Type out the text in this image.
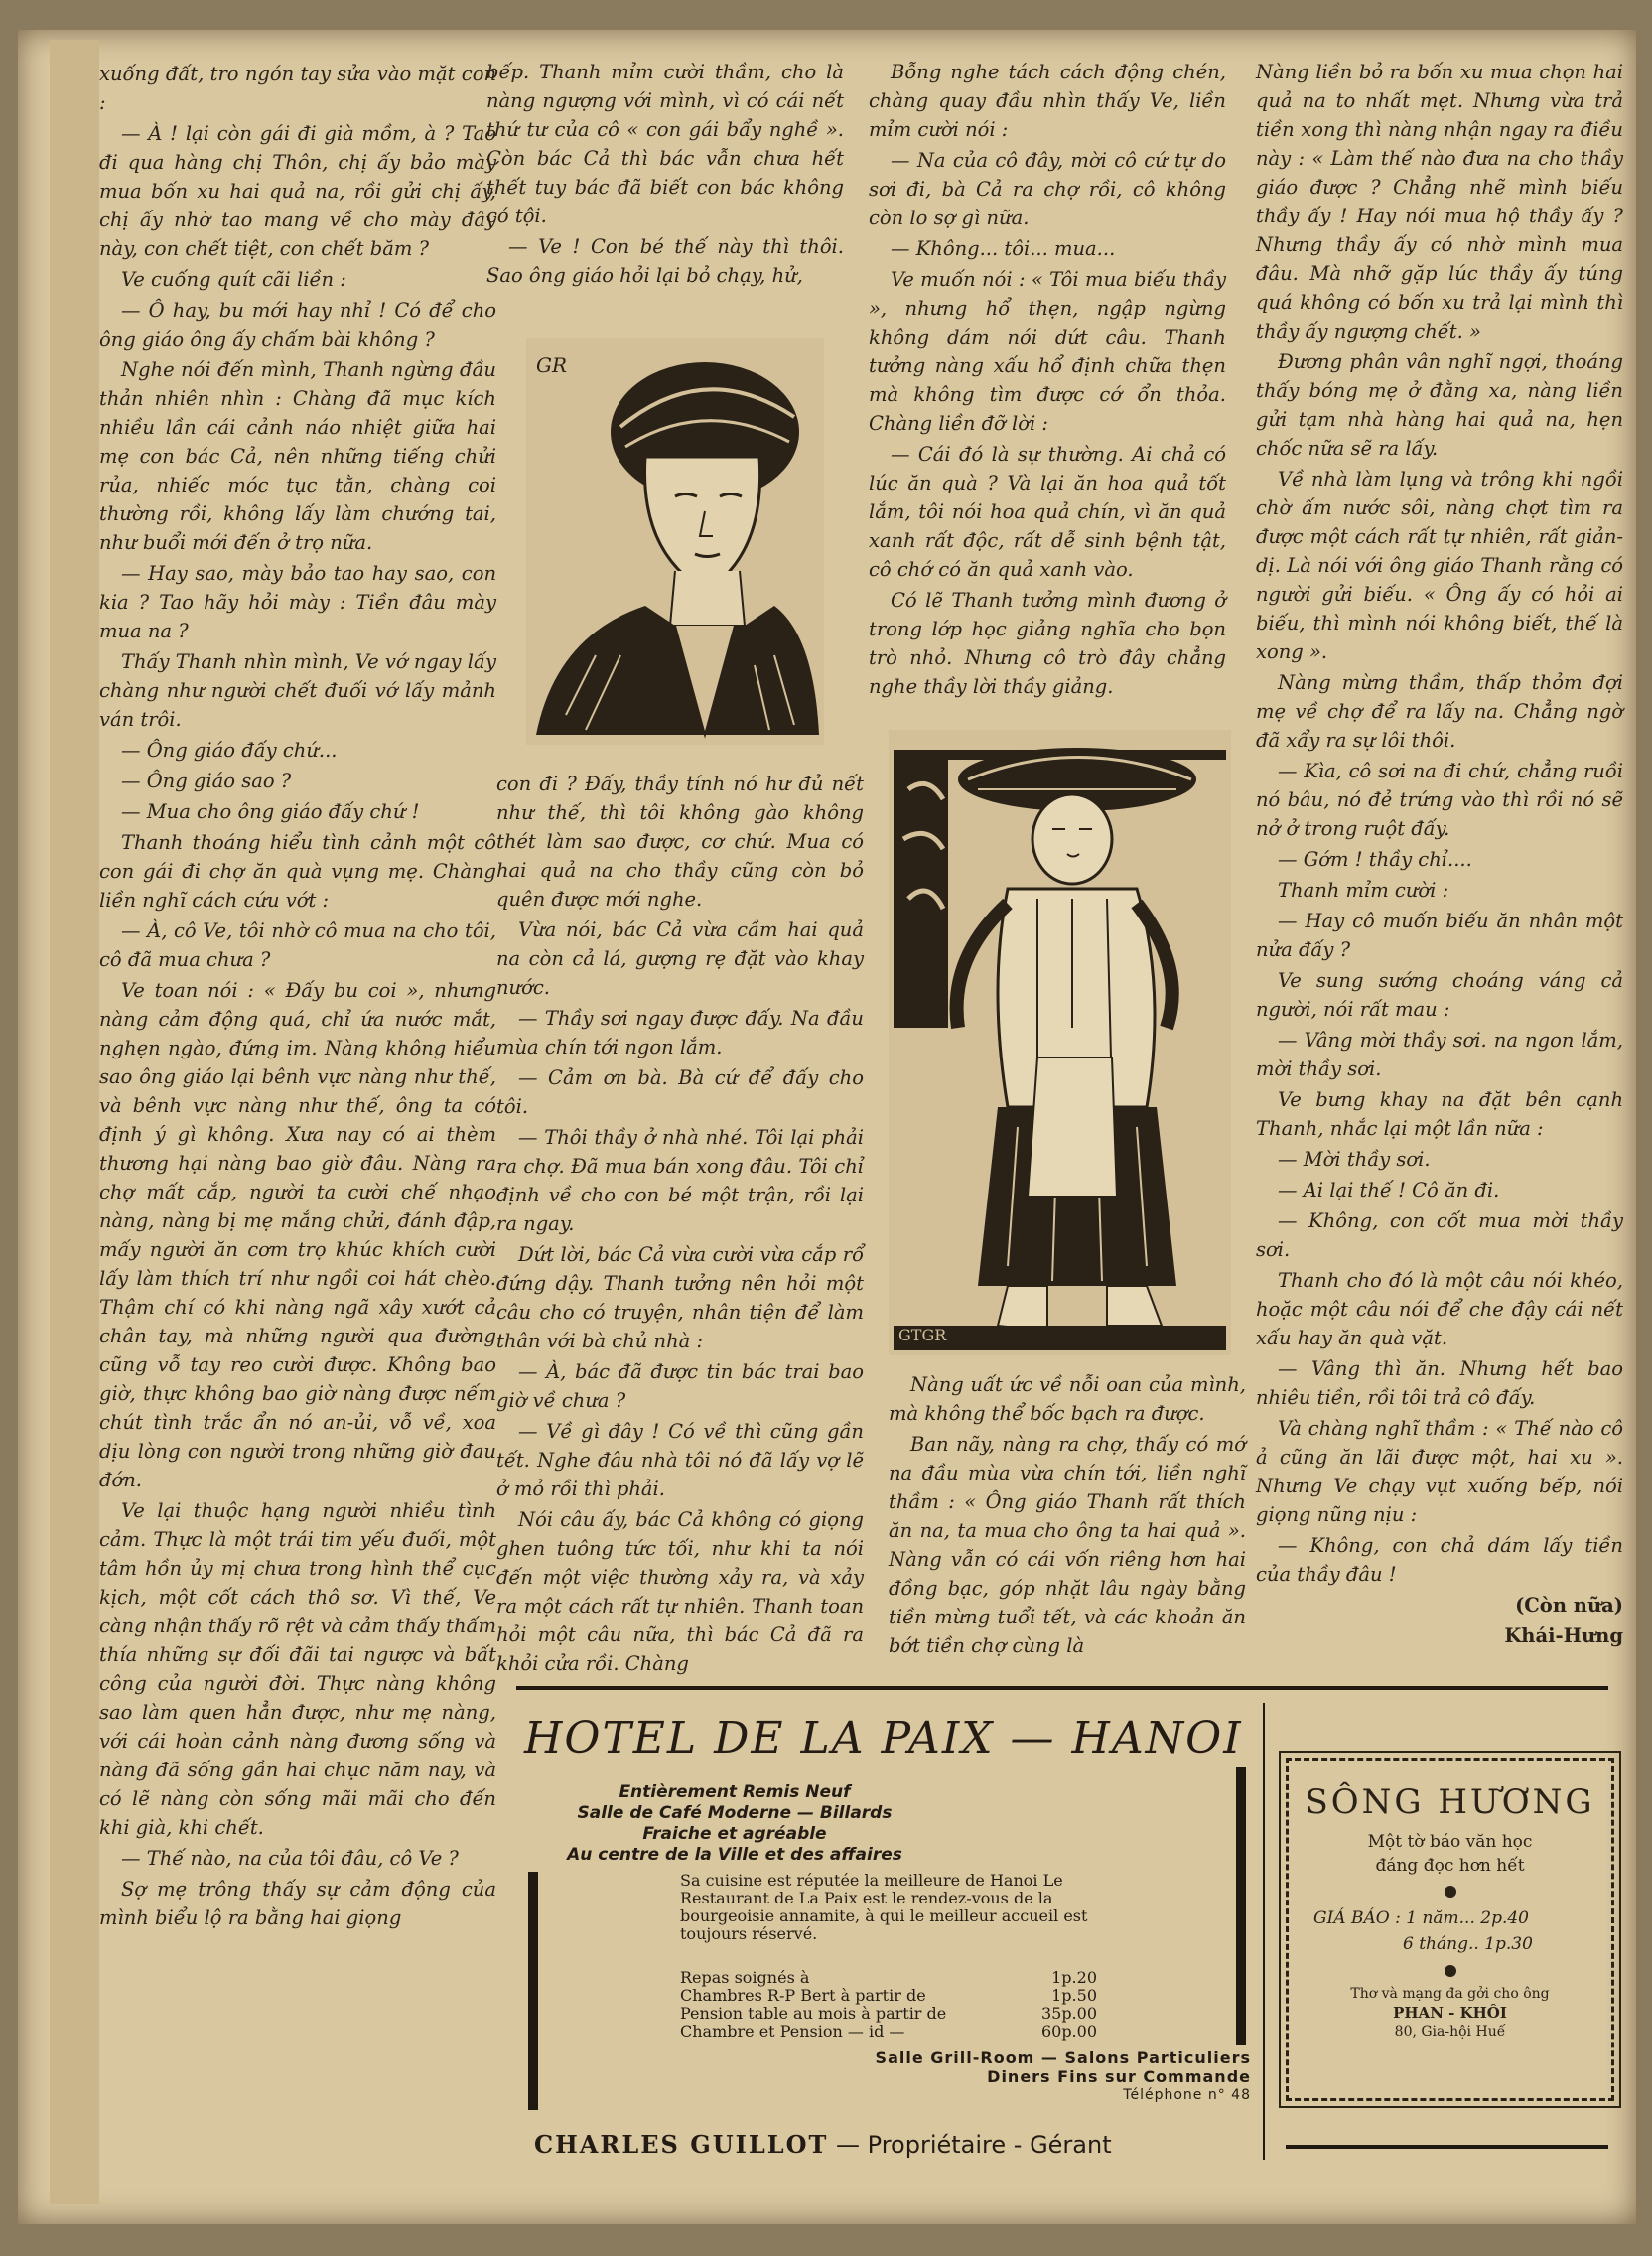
xuống đất, tro ngón tay sửa vào mặt con :

— À ! lại còn gái đi già mồm, à ? Tao đi qua hàng chị Thôn, chị ấy bảo mày mua bốn xu hai quả na, rồi gửi chị ấy, chị ấy nhờ tao mang về cho mày đây này, con chết tiệt, con chết băm ?

Ve cuống quít cãi liền :

— Ô hay, bu mới hay nhỉ ! Có để cho ông giáo ông ấy chấm bài không ?

Nghe nói đến mình, Thanh ngừng đầu thản nhiên nhìn : Chàng đã mục kích nhiều lần cái cảnh náo nhiệt giữa hai mẹ con bác Cả, nên những tiếng chửi rủa, nhiếc móc tục tằn, chàng coi thường rồi, không lấy làm chướng tai, như buổi mới đến ở trọ nữa.

— Hay sao, mày bảo tao hay sao, con kia ? Tao hãy hỏi mày : Tiền đâu mày mua na ?

Thấy Thanh nhìn mình, Ve vớ ngay lấy chàng như người chết đuối vớ lấy mảnh ván trôi.

— Ông giáo đấy chứ...

— Ông giáo sao ?

— Mua cho ông giáo đấy chứ !

Thanh thoáng hiểu tình cảnh một cô con gái đi chợ ăn quà vụng mẹ. Chàng liền nghĩ cách cứu vớt :

— À, cô Ve, tôi nhờ cô mua na cho tôi, cô đã mua chưa ?

Ve toan nói : « Đấy bu coi », nhưng nàng cảm động quá, chỉ ứa nước mắt, nghẹn ngào, đứng im. Nàng không hiểu sao ông giáo lại bênh vực nàng như thế, và bênh vực nàng như thế, ông ta có định ý gì không. Xưa nay có ai thèm thương hại nàng bao giờ đâu. Nàng ra chợ mất cắp, người ta cười chế nhạo nàng, nàng bị mẹ mắng chửi, đánh đập, mấy người ăn cơm trọ khúc khích cười lấy làm thích trí như ngồi coi hát chèo. Thậm chí có khi nàng ngã xây xướt cả chân tay, mà những người qua đường cũng vỗ tay reo cười được. Không bao giờ, thực không bao giờ nàng được nếm chút tình trắc ẩn nó an-ủi, vỗ về, xoa dịu lòng con người trong những giờ đau đớn.

Ve lại thuộc hạng người nhiều tình cảm. Thực là một trái tim yếu đuối, một tâm hồn ủy mị chưa trong hình thể cục kịch, một cốt cách thô sơ. Vì thế, Ve càng nhận thấy rõ rệt và cảm thấy thấm thía những sự đối đãi tai ngược và bất công của người đời. Thực nàng không sao làm quen hẳn được, như mẹ nàng, với cái hoàn cảnh nàng đương sống và nàng đã sống gần hai chục năm nay, và có lẽ nàng còn sống mãi mãi cho đến khi già, khi chết.

— Thế nào, na của tôi đâu, cô Ve ?

Sợ mẹ trông thấy sự cảm động của mình biểu lộ ra bằng hai giọng

bếp. Thanh mỉm cười thầm, cho là nàng ngượng với mình, vì có cái nết thứ tư của cô « con gái bẩy nghề ». Còn bác Cả thì bác vẫn chưa hết thết tuy bác đã biết con bác không có tội.

— Ve ! Con bé thế này thì thôi. Sao ông giáo hỏi lại bỏ chạy, hử,

GR

con đi ? Đấy, thầy tính nó hư đủ nết như thế, thì tôi không gào không thét làm sao được, cơ chứ. Mua có hai quả na cho thầy cũng còn bỏ quên được mới nghe.

Vừa nói, bác Cả vừa cầm hai quả na còn cả lá, gượng rẹ đặt vào khay nước.

— Thầy sơi ngay được đấy. Na đầu mùa chín tới ngon lắm.

— Cảm ơn bà. Bà cứ để đấy cho tôi.

— Thôi thầy ở nhà nhé. Tôi lại phải ra chợ. Đã mua bán xong đâu. Tôi chỉ định về cho con bé một trận, rồi lại ra ngay.

Dứt lời, bác Cả vừa cười vừa cắp rổ đứng dậy. Thanh tưởng nên hỏi một câu cho có truyện, nhân tiện để làm thân với bà chủ nhà :

— À, bác đã được tin bác trai bao giờ về chưa ?

— Về gì đây ! Có về thì cũng gần tết. Nghe đâu nhà tôi nó đã lấy vợ lẽ ở mỏ rồi thì phải.

Nói câu ấy, bác Cả không có giọng ghen tuông tức tối, như khi ta nói đến một việc thường xảy ra, và xảy ra một cách rất tự nhiên. Thanh toan hỏi một câu nữa, thì bác Cả đã ra khỏi cửa rồi. Chàng

Bỗng nghe tách cách động chén, chàng quay đầu nhìn thấy Ve, liền mỉm cười nói :

— Na của cô đây, mời cô cứ tự do sơi đi, bà Cả ra chợ rồi, cô không còn lo sợ gì nữa.

— Không... tôi... mua...

Ve muốn nói : « Tôi mua biếu thầy », nhưng hổ thẹn, ngập ngừng không dám nói dứt câu. Thanh tưởng nàng xấu hổ định chữa thẹn mà không tìm được cớ ổn thỏa. Chàng liền đỡ lời :

— Cái đó là sự thường. Ai chả có lúc ăn quà ? Và lại ăn hoa quả tốt lắm, tôi nói hoa quả chín, vì ăn quả xanh rất độc, rất dễ sinh bệnh tật, cô chớ có ăn quả xanh vào.

Có lẽ Thanh tưởng mình đương ở trong lớp học giảng nghĩa cho bọn trò nhỏ. Nhưng cô trò đây chẳng nghe thầy lời thầy giảng.

GTGR

Nàng uất ức về nỗi oan của mình, mà không thể bốc bạch ra được.

Ban nãy, nàng ra chợ, thấy có mớ na đầu mùa vừa chín tới, liền nghĩ thầm : « Ông giáo Thanh rất thích ăn na, ta mua cho ông ta hai quả ». Nàng vẫn có cái vốn riêng hơn hai đồng bạc, góp nhặt lâu ngày bằng tiền mừng tuổi tết, và các khoản ăn bớt tiền chợ cùng là

Nàng liền bỏ ra bốn xu mua chọn hai quả na to nhất mẹt. Nhưng vừa trả tiền xong thì nàng nhận ngay ra điều này : « Làm thế nào đưa na cho thầy giáo được ? Chẳng nhẽ mình biếu thầy ấy ! Hay nói mua hộ thầy ấy ? Nhưng thầy ấy có nhờ mình mua đâu. Mà nhỡ gặp lúc thầy ấy túng quá không có bốn xu trả lại mình thì thầy ấy ngượng chết. »

Đương phân vân nghĩ ngợi, thoáng thấy bóng mẹ ở đằng xa, nàng liền gửi tạm nhà hàng hai quả na, hẹn chốc nữa sẽ ra lấy.

Về nhà làm lụng và trông khi ngồi chờ ấm nước sôi, nàng chợt tìm ra được một cách rất tự nhiên, rất giản-dị. Là nói với ông giáo Thanh rằng có người gửi biếu. « Ông ấy có hỏi ai biếu, thì mình nói không biết, thế là xong ».

Nàng mừng thầm, thấp thỏm đợi mẹ về chợ để ra lấy na. Chẳng ngờ đã xẩy ra sự lôi thôi.

— Kìa, cô sơi na đi chứ, chẳng ruồi nó bâu, nó đẻ trứng vào thì rồi nó sẽ nở ở trong ruột đấy.

— Gớm ! thầy chỉ....

Thanh mỉm cười :

— Hay cô muốn biếu ăn nhân một nửa đấy ?

Ve sung sướng choáng váng cả người, nói rất mau :

— Vâng mời thầy sơi. na ngon lắm, mời thầy sơi.

Ve bưng khay na đặt bên cạnh Thanh, nhắc lại một lần nữa :

— Mời thầy sơi.

— Ai lại thế ! Cô ăn đi.

— Không, con cốt mua mời thầy sơi.

Thanh cho đó là một câu nói khéo, hoặc một câu nói để che đậy cái nết xấu hay ăn quà vặt.

— Vâng thì ăn. Nhưng hết bao nhiêu tiền, rồi tôi trả cô đấy.

Và chàng nghĩ thầm : « Thế nào cô ả cũng ăn lãi được một, hai xu ». Nhưng Ve chạy vụt xuống bếp, nói giọng nũng nịu :

— Không, con chả dám lấy tiền của thầy đâu !

(Còn nữa)

Khái-Hưng

HOTEL DE LA PAIX — HANOI
Entièrement Remis Neuf
Salle de Café Moderne — Billards
Fraiche et agréable
Au centre de la Ville et des affaires
Sa cuisine est réputée la meilleure de Hanoi Le Restaurant de La Paix est le rendez-vous de la bourgeoisie annamite, à qui le meilleur accueil est toujours réservé.
Repas soignés à	1p.20
Chambres R-P Bert à partir de	1p.50
Pension table au mois à partir de	35p.00
Chambre et Pension — id —	60p.00
Salle Grill-Room — Salons Particuliers
Diners Fins sur Commande
Téléphone n° 48
CHARLES GUILLOT — Propriétaire - Gérant
SÔNG HƯƠNG
Một tờ báo văn học
đáng đọc hơn hết
GIÁ BÁO : 1 năm... 2p.40
6 tháng.. 1p.30
Thơ và mạng đa gởi cho ông
PHAN - KHÔI
80, Gia-hội Huế
